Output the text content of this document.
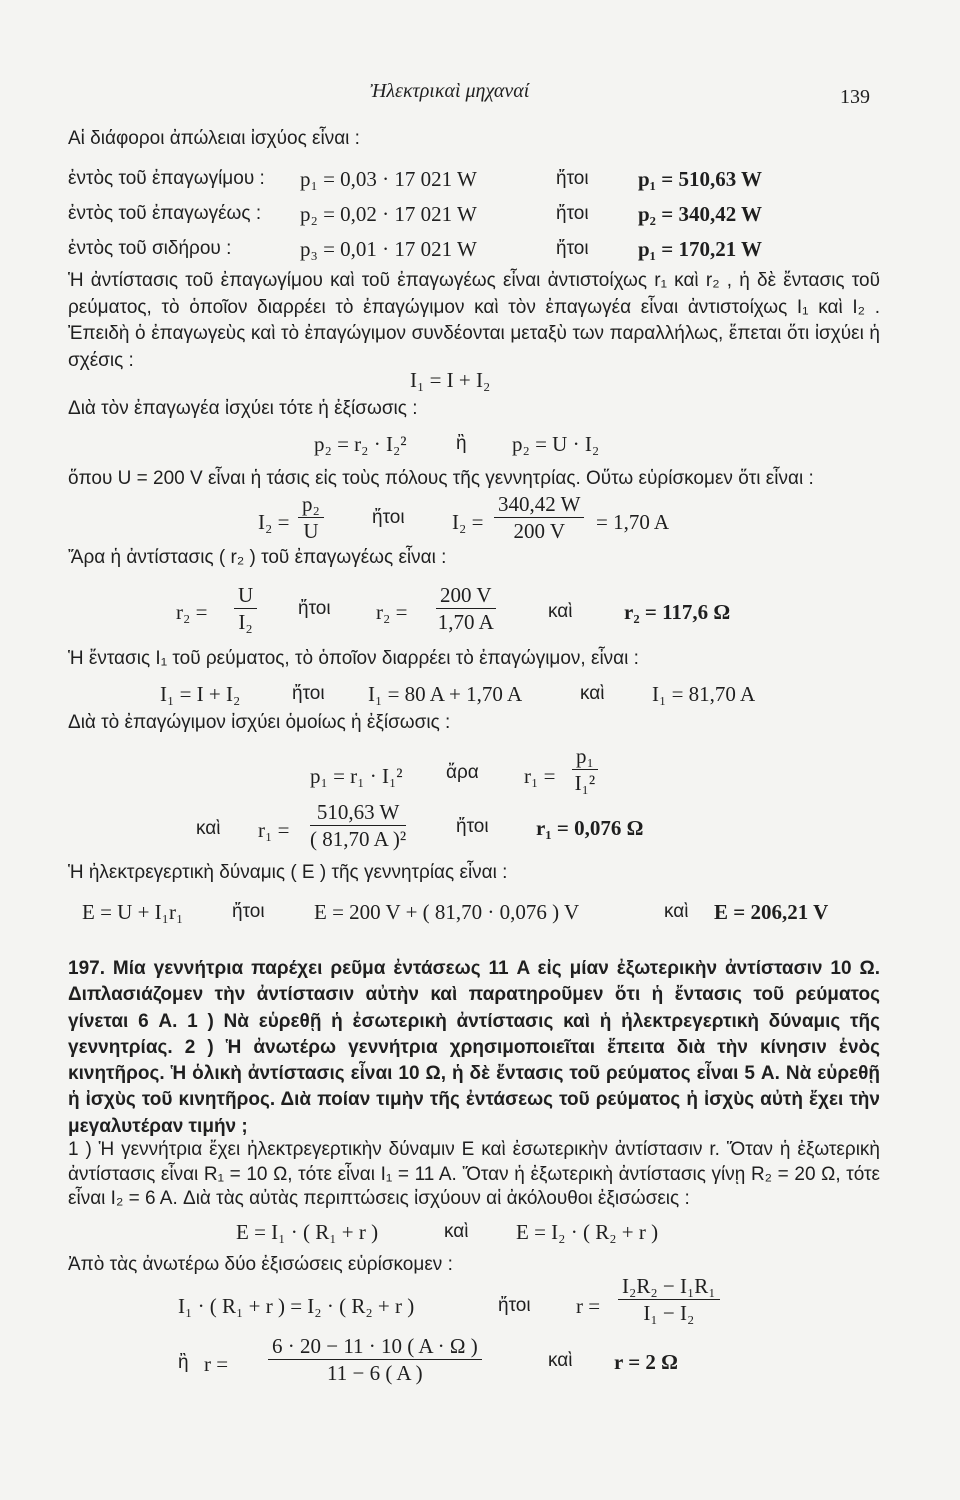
Ἠλεκτρικαὶ μηχαναί	139
Αἱ διάφοροι ἀπώλειαι ἰσχύος εἶναι :
ἐντὸς τοῦ ἐπαγωγίμου : p₁ = 0,03 · 17 021 W	ἤτοι p₁ = 510,63 W
ἐντὸς τοῦ ἐπαγωγέως : p₂ = 0,02 · 17 021 W	ἤτοι p₂ = 340,42 W
ἐντὸς τοῦ σιδήρου :	p₃ = 0,01 · 17 021 W	ἤτοι p₁ = 170,21 W
Ἡ ἀντίστασις τοῦ ἐπαγωγίμου καὶ τοῦ ἐπαγωγέως εἶναι ἀντιστοίχως r₁ καὶ r₂ , ἡ δὲ ἔντασις τοῦ ρεύματος, τὸ ὁποῖον διαρρέει τὸ ἐπαγώγιμον καὶ τὸν ἐπαγωγέα εἶναι ἀντιστοίχως I₁ καὶ I₂ . Ἐπειδὴ ὁ ἐπαγωγεὺς καὶ τὸ ἐπαγώγιμον συνδέονται μεταξὺ των παραλλήλως, ἕπεται ὅτι ἰσχύει ἡ σχέσις :
I₁ = I + I₂
Διὰ τὸν ἐπαγωγέα ἰσχύει τότε ἡ ἐξίσωσις :
p₂ = r₂ · I₂²	ἢ p₂ = U · I₂
ὅπου U = 200 V εἶναι ἡ τάσις εἰς τοὺς πόλους τῆς γεννητρίας. Οὕτω εὑρίσκομεν ὅτι εἶναι :
$I_2 = \frac{\text{p₂}}{U}$	ἤτοι $I_2 = \frac{340,42 W}{200 V} = 1,70$ A
Ἄρα ἡ ἀντίστασις ( r₂ ) τοῦ ἐπαγωγέως εἶναι :
$r_2 = \frac{U}{\text{I₂}}$ ἤτοι $r_2 = \frac{200 V}{1,70 A}$	καὶ r₂ = 117,6 Ω
Ἡ ἔντασις I₁ τοῦ ρεύματος, τὸ ὁποῖον διαρρέει τὸ ἐπαγώγιμον, εἶναι :
I₁ = I + I₂	ἤτοι I₁ = 80 A + 1,70 A	καὶ I₁ = 81,70 A
Διὰ τὸ ἐπαγώγιμον ἰσχύει ὁμοίως ἡ ἐξίσωσις :
p₁ = r₁ · I₁² ἄρα $r_1 = \frac{\text{p₁}}{\text{I₁²}}$
καὶ $r_1 = \frac{510,63 W}{\text{( 81,70 A )²}}$	ἤτοι r₁ = 0,076 Ω
Ἡ ἠλεκτρεγερτικὴ δύναμις ( E ) τῆς γεννητρίας εἶναι :
E = U + I₁r₁	ἤτοι E = 200 V + ( 81,70 · 0,076 ) V	καὶ E = 206,21 V
197. Μία γεννήτρια παρέχει ρεῦμα ἐντάσεως 11 A εἰς μίαν ἐξωτερικὴν ἀντίστασιν 10 Ω. Διπλασιάζομεν τὴν ἀντίστασιν αὐτὴν καὶ παρατηροῦμεν ὅτι ἡ ἔντασις τοῦ ρεύματος γίνεται 6 A. 1 ) Νὰ εὑρεθῇ ἡ ἐσωτερικὴ ἀντίστασις καὶ ἡ ἠλεκτρεγερτικὴ δύναμις τῆς γεννητρίας. 2 ) Ἡ ἀνωτέρω γεννήτρια χρησιμοποιεῖται ἔπειτα διὰ τὴν κίνησιν ἑνὸς κινητῆρος. Ἡ ὁλικὴ ἀντίστασις εἶναι 10 Ω, ἡ δὲ ἔντασις τοῦ ρεύματος εἶναι 5 A. Νὰ εὑρεθῇ ἡ ἰσχὺς τοῦ κινητῆρος. Διὰ ποίαν τιμὴν τῆς ἐντάσεως τοῦ ρεύματος ἡ ἰσχὺς αὐτὴ ἔχει τὴν μεγαλυτέραν τιμήν ;
1 ) Ἡ γεννήτρια ἔχει ἠλεκτρεγερτικὴν δύναμιν E καὶ ἐσωτερικὴν ἀντίστασιν r. Ὅταν ἡ ἐξωτερικὴ ἀντίστασις εἶναι R₁ = 10 Ω, τότε εἶναι I₁ = 11 A. Ὅταν ἡ ἐξωτερικὴ ἀντίστασις γίνῃ R₂ = 20 Ω, τότε εἶναι I₂ = 6 A. Διὰ τὰς αὐτὰς περιπτώσεις ἰσχύουν αἱ ἀκόλουθοι ἐξισώσεις :
E = I₁ · ( R₁ + r )	καὶ E = I₂ · ( R₂ + r )
Ἀπὸ τὰς ἀνωτέρω δύο ἐξισώσεις εὑρίσκομεν :
I₁ · ( R₁ + r ) = I₂ · ( R₂ + r )	ἤτοι $r = \frac{\text{I₂R₂ − I₁R₁}}{\text{I₁ − I₂}}$
ἢ $r = \frac{6 \cdot 20 - 11 \cdot 10 ( A \cdot \Omega )}{11 - 6 ( A )}$	καὶ r = 2 Ω
